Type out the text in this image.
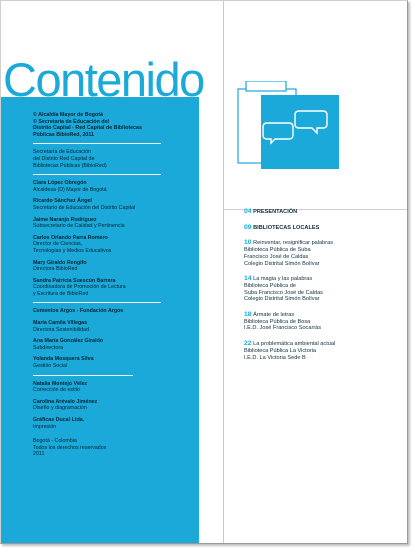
Contenido

© Alcaldía Mayor de Bogotá

© Secretaría de Educación del

Distrito Capital - Red Capital de Bibliotecas

Públicas BibloRed, 2011

Secretaría de Educación

del Distrito Red Capital de

Bibliotecas Públicas (BibloRed)

Clara López Obregón

Alcaldesa (D) Mayor de Bogotá

Ricardo Sánchez Ángel

Secretario de Educación del Distrito Capital

Jaime Naranjo Rodríguez

Subsecretario de Calidad y Pertinencia

Carlos Orlando Parra Romero

Director de Ciencias,

Tecnologías y Medios Educativos

Mary Giraldo Rengifo

Directora BibloRed

Sandra Patricia Suescún Barrera

Coordinadora de Promoción de Lectura

y Escritura de BibloRed

Cementos Argos - Fundación Argos

María Camila Villegas

Directora Sostenibilidad

Ana María González Giraldo

Subdirectora

Yolanda Mosquera Silva

Gestión Social

Natalia Montejo Vélez

Corrección de estilo

Carolina Arévalo Jiménez

Diseño y diagramación

Gráficas Ducal Ltda.

Impresión

Bogotá - Colombia

Todos los derechos reservados

2011

04 PRESENTACIÓN
09 BIBLIOTECAS LOCALES
10 Reinventar, resignificar palabras
Biblioteca Pública de Suba
Francisco José de Caldas
Colegio Distrital Simón Bolívar
14 La magia y las palabras
Biblioteca Pública de
Suba Francisco José de Caldas
Colegio Distrital Simón Bolívar
18 Ármate de letras
Biblioteca Pública de Bosa
I.E.D. José Francisco Socarrás
22 La problemática ambiental actual
Biblioteca Pública La Victoria
I.E.D. La Victoria Sede B
